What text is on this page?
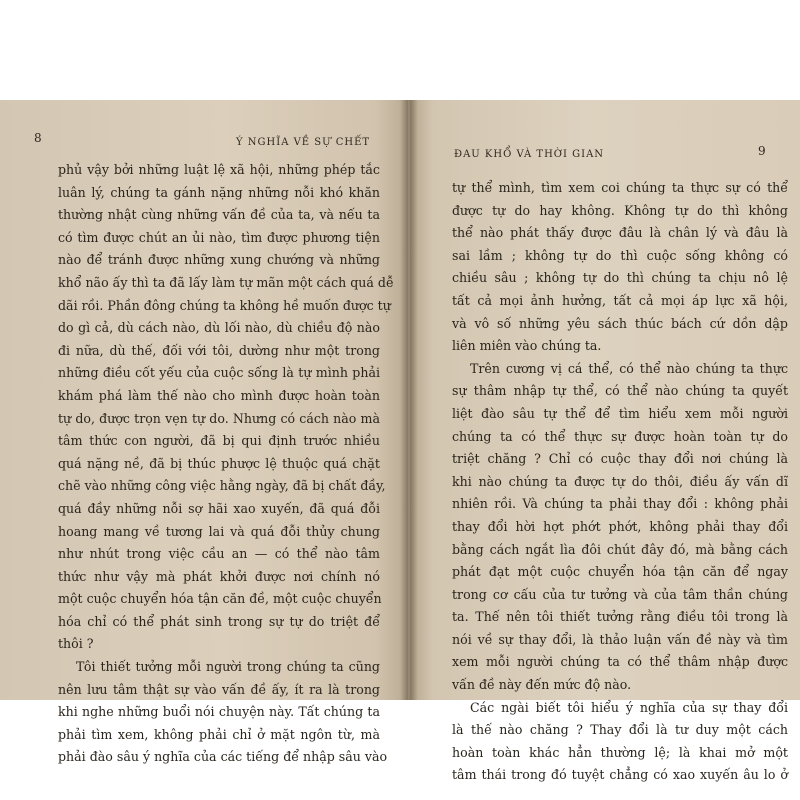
8	Ý NGHĨA VỀ SỰ CHẾT
phủ vậy bởi những luật lệ xã hội, những phép tắc
luân lý, chúng ta gánh nặng những nỗi khó khăn
thường nhật cùng những vấn đề của ta, và nếu ta
có tìm được chút an ủi nào, tìm được phương tiện
nào để tránh được những xung chướng và những
khổ não ấy thì ta đã lấy làm tự mãn một cách quá dễ
dãi rồi. Phần đông chúng ta không hề muốn được tự
do gì cả, dù cách nào, dù lối nào, dù chiều độ nào
đi nữa, dù thế, đối với tôi, dường như một trong
những điều cốt yếu của cuộc sống là tự mình phải
khám phá làm thế nào cho mình được hoàn toàn
tự do, được trọn vẹn tự do. Nhưng có cách nào mà
tâm thức con người, đã bị qui định trước nhiều
quá nặng nề, đã bị thúc phược lệ thuộc quá chặt
chẽ vào những công việc hằng ngày, đã bị chất đầy,
quá đầy những nỗi sợ hãi xao xuyến, đã quá đỗi
hoang mang về tương lai và quá đỗi thủy chung
như nhút trong việc cầu an — có thể nào tâm
thức như vậy mà phát khởi được nơi chính nó
một cuộc chuyển hóa tận căn đề, một cuộc chuyển
hóa chỉ có thể phát sinh trong sự tự do triệt để
thôi ?
Tôi thiết tưởng mỗi người trong chúng ta cũng
nên lưu tâm thật sự vào vấn đề ấy, ít ra là trong
khi nghe những buổi nói chuyện này. Tất chúng ta
phải tìm xem, không phải chỉ ở mặt ngôn từ, mà
phải đào sâu ý nghĩa của các tiếng để nhập sâu vào
ĐAU KHỔ VÀ THỜI GIAN	9
tự thể mình, tìm xem coi chúng ta thực sự có thể
được tự do hay không. Không tự do thì không
thể nào phát thấy được đâu là chân lý và đâu là
sai lầm ; không tự do thì cuộc sống không có
chiều sâu ; không tự do thì chúng ta chịu nô lệ
tất cả mọi ảnh hưởng, tất cả mọi áp lực xã hội,
và vô số những yêu sách thúc bách cứ dồn dập
liên miên vào chúng ta.
Trên cương vị cá thể, có thể nào chúng ta thực
sự thâm nhập tự thể, có thể nào chúng ta quyết
liệt đào sâu tự thể để tìm hiểu xem mỗi người
chúng ta có thể thực sự được hoàn toàn tự do
triệt chăng ? Chỉ có cuộc thay đổi nơi chúng là
khi nào chúng ta được tự do thôi, điều ấy vấn dĩ
nhiên rồi. Và chúng ta phải thay đổi : không phải
thay đổi hời hợt phớt phớt, không phải thay đổi
bằng cách ngắt lìa đôi chút đây đó, mà bằng cách
phát đạt một cuộc chuyển hóa tận căn để ngay
trong cơ cấu của tư tưởng và của tâm thần chúng
ta. Thế nên tôi thiết tưởng rằng điều tôi trong là
nói về sự thay đổi, là thảo luận vấn đề này và tìm
xem mỗi người chúng ta có thể thâm nhập được
vấn đề này đến mức độ nào.
Các ngài biết tôi hiểu ý nghĩa của sự thay đổi
là thế nào chăng ? Thay đổi là tư duy một cách
hoàn toàn khác hẳn thường lệ; là khai mở một
tâm thái trong đó tuyệt chẳng có xao xuyến âu lo ở
